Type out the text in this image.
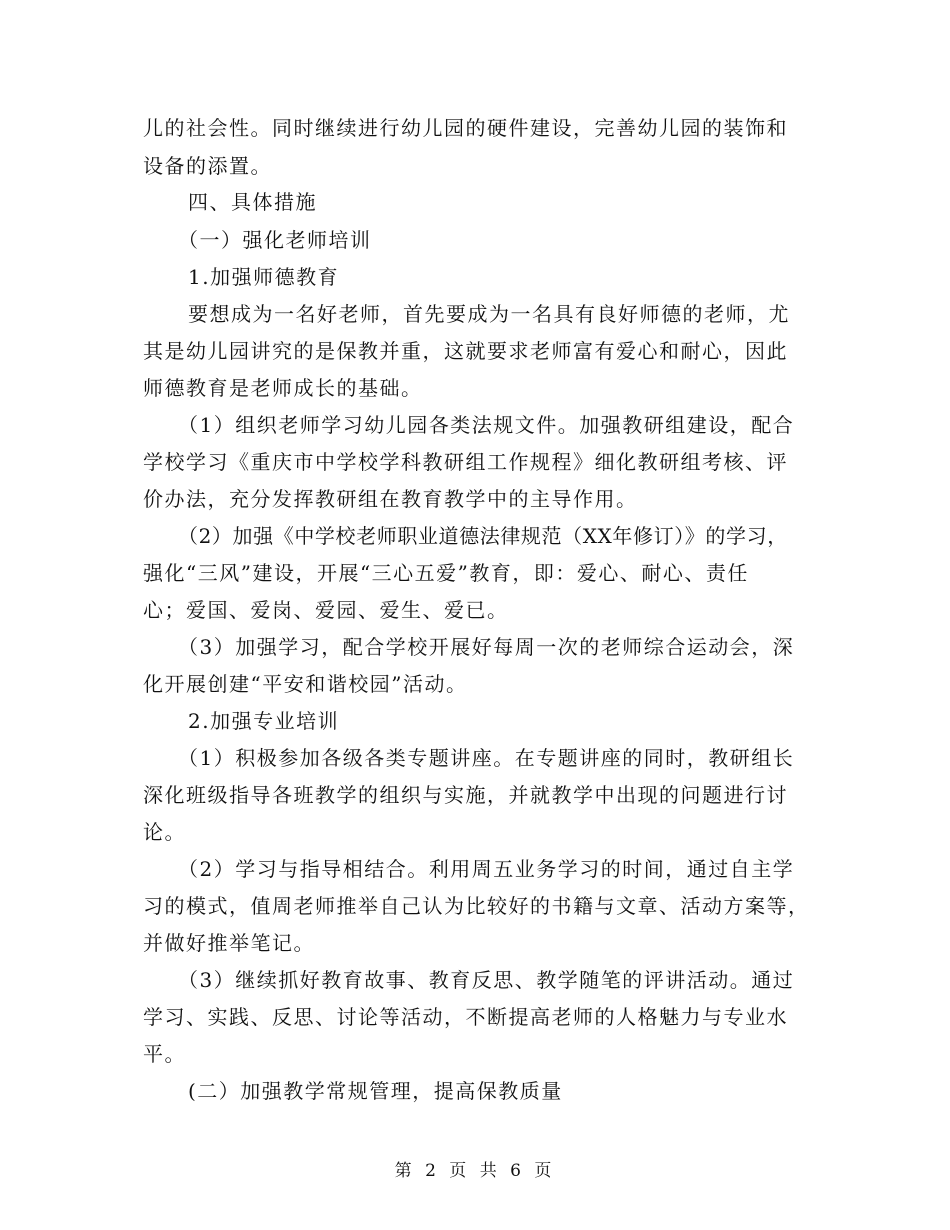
儿的社会性。同时继续进行幼儿园的硬件建设，完善幼儿园的装饰和
设备的添置。
四、具体措施
（一）强化老师培训
1.加强师德教育
要想成为一名好老师，首先要成为一名具有良好师德的老师，尤
其是幼儿园讲究的是保教并重，这就要求老师富有爱心和耐心，因此
师德教育是老师成长的基础。
（1）组织老师学习幼儿园各类法规文件。加强教研组建设，配合
学校学习《重庆市中学校学科教研组工作规程》细化教研组考核、评
价办法，充分发挥教研组在教育教学中的主导作用。
（2）加强《中学校老师职业道德法律规范（XX年修订）》的学习，
强化“三风”建设，开展“三心五爱”教育，即：爱心、耐心、责任
心；爱国、爱岗、爱园、爱生、爱已。
（3）加强学习，配合学校开展好每周一次的老师综合运动会，深
化开展创建“平安和谐校园”活动。
2.加强专业培训
（1）积极参加各级各类专题讲座。在专题讲座的同时，教研组长
深化班级指导各班教学的组织与实施，并就教学中出现的问题进行讨
论。
（2）学习与指导相结合。利用周五业务学习的时间，通过自主学
习的模式，值周老师推举自己认为比较好的书籍与文章、活动方案等，
并做好推举笔记。
（3）继续抓好教育故事、教育反思、教学随笔的评讲活动。通过
学习、实践、反思、讨论等活动，不断提高老师的人格魅力与专业水
平。
(二）加强教学常规管理，提高保教质量
第 2 页 共 6 页
